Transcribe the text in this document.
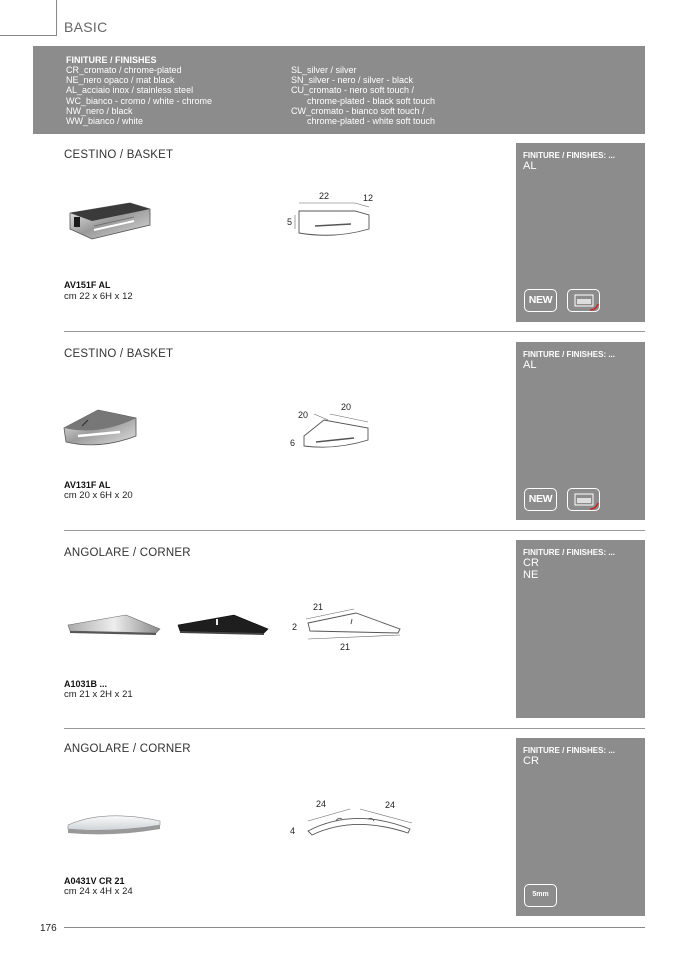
BASIC
FINITURE / FINISHES
CR_cromato / chrome-plated
NE_nero opaco / mat black
AL_acciaio inox / stainless steel
WC_bianco - cromo / white - chrome
NW_nero / black
WW_bianco / white
SL_silver / silver
SN_silver - nero / silver - black
CU_cromato - nero soft touch /
chrome-plated - black soft touch
CW_cromato - bianco soft touch /
chrome-plated - white soft touch
CESTINO / BASKET
22	12
5
AV151F AL
cm 22 x 6H x 12
FINITURE / FINISHES: ...
AL
NEW
CESTINO / BASKET
20
20
6
AV131F AL
cm 20 x 6H x 20
FINITURE / FINISHES: ...
AL
NEW
ANGOLARE / CORNER
21
2
21
A1031B ...
cm 21 x 2H x 21
FINITURE / FINISHES: ...
CR
NE
ANGOLARE / CORNER
24	24
4
A0431V CR 21
cm 24 x 4H x 24
FINITURE / FINISHES: ...
CR
5mm
176
